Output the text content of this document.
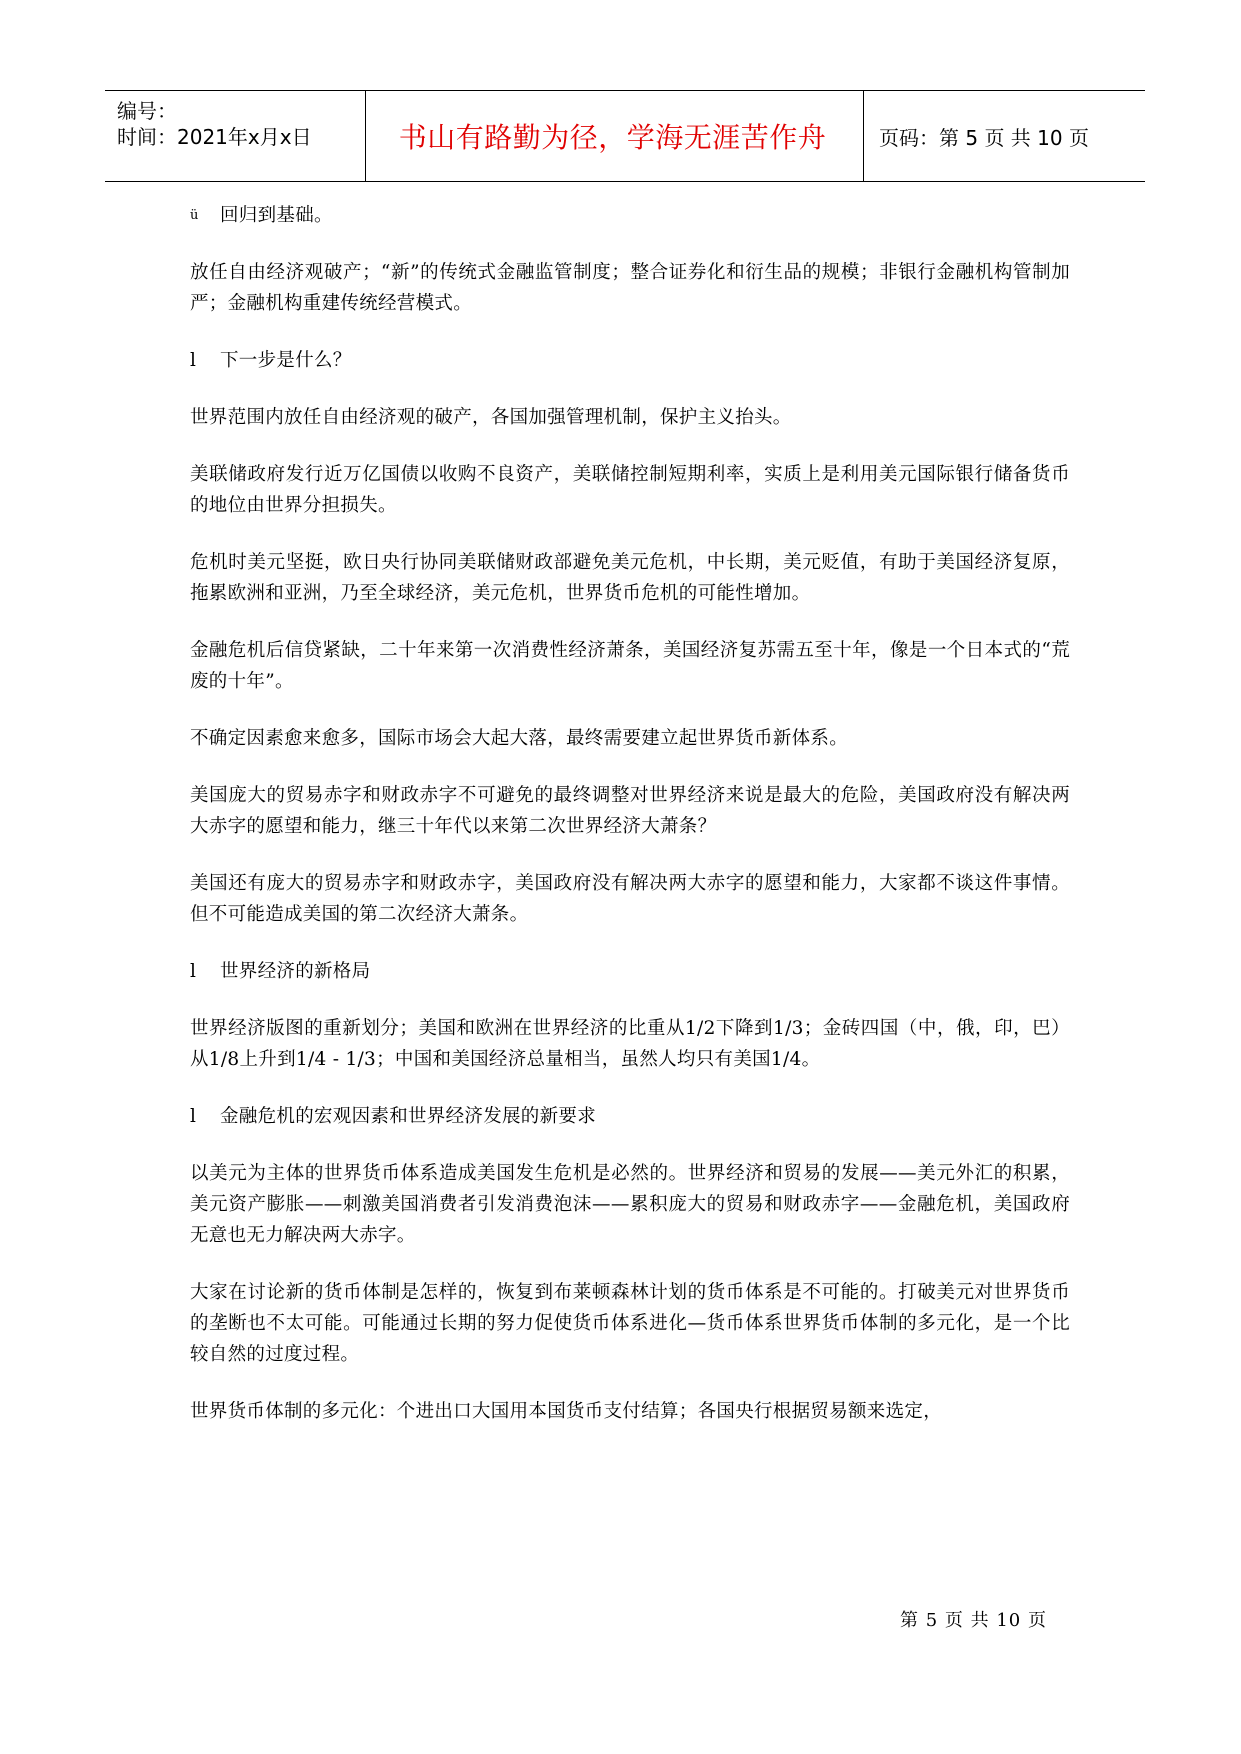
编号：
时间：2021年x月x日	书山有路勤为径，学海无涯苦作舟	页码：第 5 页 共 10 页
ü	回归到基础。

放任自由经济观破产；“新”的传统式金融监管制度；整合证券化和衍生品的规模；非银行金融机构管制加严；金融机构重建传统经营模式。

l	下一步是什么？

世界范围内放任自由经济观的破产，各国加强管理机制，保护主义抬头。

美联储政府发行近万亿国债以收购不良资产，美联储控制短期利率，实质上是利用美元国际银行储备货币的地位由世界分担损失。

危机时美元坚挺，欧日央行协同美联储财政部避免美元危机，中长期，美元贬值，有助于美国经济复原，拖累欧洲和亚洲，乃至全球经济，美元危机，世界货币危机的可能性增加。

金融危机后信贷紧缺，二十年来第一次消费性经济萧条，美国经济复苏需五至十年，像是一个日本式的“荒废的十年”。

不确定因素愈来愈多，国际市场会大起大落，最终需要建立起世界货币新体系。

美国庞大的贸易赤字和财政赤字不可避免的最终调整对世界经济来说是最大的危险，美国政府没有解决两大赤字的愿望和能力，继三十年代以来第二次世界经济大萧条？

美国还有庞大的贸易赤字和财政赤字，美国政府没有解决两大赤字的愿望和能力，大家都不谈这件事情。但不可能造成美国的第二次经济大萧条。

l	世界经济的新格局

世界经济版图的重新划分；美国和欧洲在世界经济的比重从1/2下降到1/3；金砖四国（中，俄，印，巴）从1/8上升到1/4 - 1/3；中国和美国经济总量相当，虽然人均只有美国1/4。

l	金融危机的宏观因素和世界经济发展的新要求

以美元为主体的世界货币体系造成美国发生危机是必然的。世界经济和贸易的发展——美元外汇的积累，美元资产膨胀——刺激美国消费者引发消费泡沫——累积庞大的贸易和财政赤字——金融危机，美国政府无意也无力解决两大赤字。

大家在讨论新的货币体制是怎样的，恢复到布莱顿森林计划的货币体系是不可能的。打破美元对世界货币的垄断也不太可能。可能通过长期的努力促使货币体系进化—货币体系世界货币体制的多元化，是一个比较自然的过度过程。

世界货币体制的多元化：个进出口大国用本国货币支付结算；各国央行根据贸易额来选定，

第 5 页 共 10 页
